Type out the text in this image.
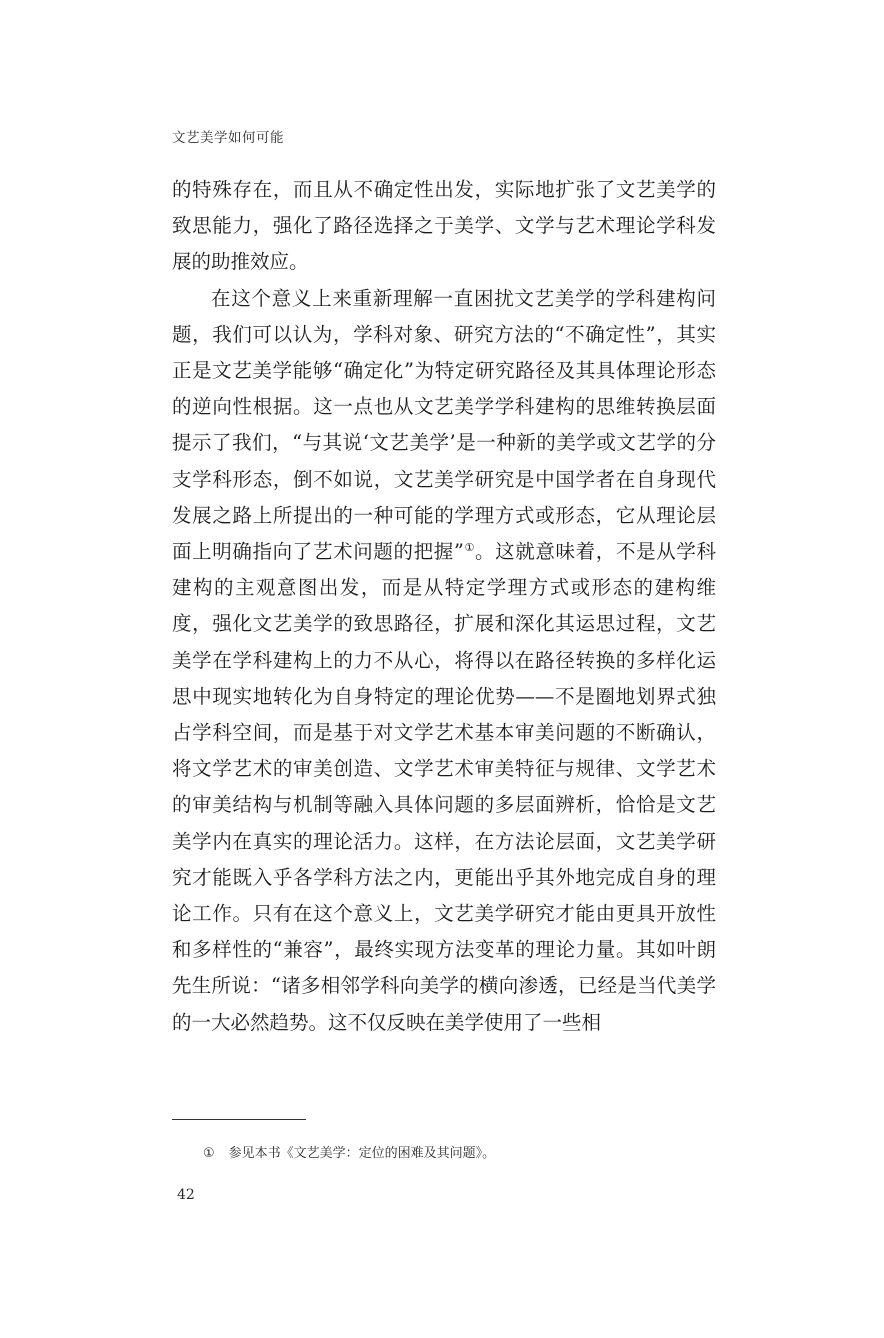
文艺美学如何可能

的特殊存在，而且从不确定性出发，实际地扩张了文艺美学的致思能力，强化了路径选择之于美学、文学与艺术理论学科发展的助推效应。

在这个意义上来重新理解一直困扰文艺美学的学科建构问题，我们可以认为，学科对象、研究方法的“不确定性”，其实正是文艺美学能够“确定化”为特定研究路径及其具体理论形态的逆向性根据。这一点也从文艺美学学科建构的思维转换层面提示了我们，“与其说‘文艺美学’是一种新的美学或文艺学的分支学科形态，倒不如说，文艺美学研究是中国学者在自身现代发展之路上所提出的一种可能的学理方式或形态，它从理论层面上明确指向了艺术问题的把握”①。这就意味着，不是从学科建构的主观意图出发，而是从特定学理方式或形态的建构维度，强化文艺美学的致思路径，扩展和深化其运思过程，文艺美学在学科建构上的力不从心，将得以在路径转换的多样化运思中现实地转化为自身特定的理论优势——不是圈地划界式独占学科空间，而是基于对文学艺术基本审美问题的不断确认，将文学艺术的审美创造、文学艺术审美特征与规律、文学艺术的审美结构与机制等融入具体问题的多层面辨析，恰恰是文艺美学内在真实的理论活力。这样，在方法论层面，文艺美学研究才能既入乎各学科方法之内，更能出乎其外地完成自身的理论工作。只有在这个意义上，文艺美学研究才能由更具开放性和多样性的“兼容”，最终实现方法变革的理论力量。其如叶朗先生所说：“诸多相邻学科向美学的横向渗透，已经是当代美学的一大必然趋势。这不仅反映在美学使用了一些相

① 参见本书《文艺美学：定位的困难及其问题》。

42
